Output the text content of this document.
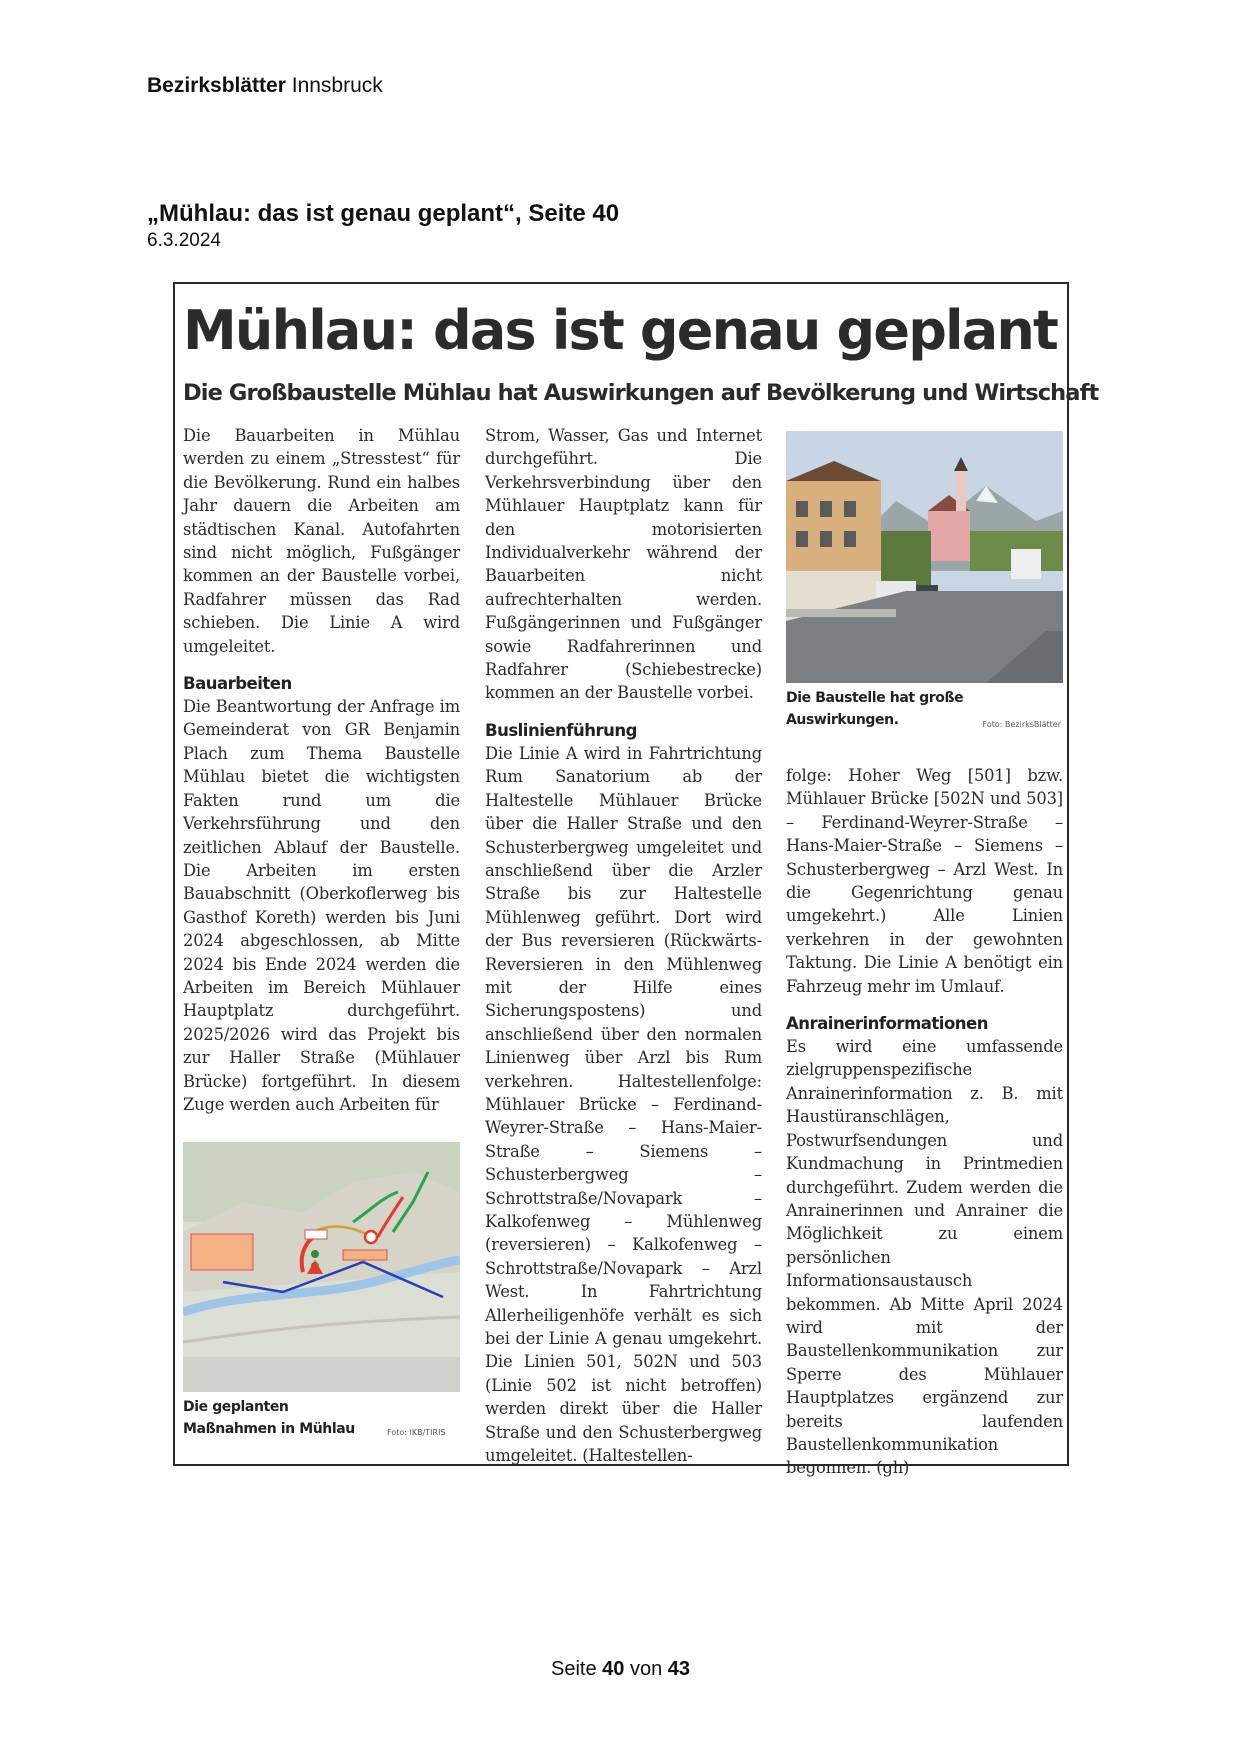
Bezirksblätter Innsbruck
„Mühlau: das ist genau geplant“, Seite 40
6.3.2024
Mühlau: das ist genau geplant
Die Großbaustelle Mühlau hat Auswirkungen auf Bevölkerung und Wirtschaft

Die Bauarbeiten in Mühlau werden zu einem „Stresstest“ für die Bevölkerung. Rund ein halbes Jahr dauern die Arbeiten am städtischen Kanal. Autofahrten sind nicht möglich, Fußgänger kommen an der Baustelle vorbei, Radfahrer müssen das Rad schieben. Die Linie A wird umgeleitet.

Bauarbeiten

Die Beantwortung der Anfrage im Gemeinderat von GR Benjamin Plach zum Thema Baustelle Mühlau bietet die wichtigsten Fakten rund um die Verkehrsführung und den zeitlichen Ablauf der Baustelle. Die Arbeiten im ersten Bauabschnitt (Oberkoflerweg bis Gasthof Koreth) werden bis Juni 2024 abgeschlossen, ab Mitte 2024 bis Ende 2024 werden die Arbeiten im Bereich Mühlauer Hauptplatz durchgeführt. 2025/2026 wird das Projekt bis zur Haller Straße (Mühlauer Brücke) fortgeführt. In diesem Zuge werden auch Arbeiten für

Strom, Wasser, Gas und Internet durchgeführt. Die Verkehrsverbindung über den Mühlauer Hauptplatz kann für den motorisierten Individualverkehr während der Bauarbeiten nicht aufrechterhalten werden. Fußgängerinnen und Fußgänger sowie Radfahrerinnen und Radfahrer (Schiebestrecke) kommen an der Baustelle vorbei.

Buslinienführung

Die Linie A wird in Fahrtrichtung Rum Sanatorium ab der Haltestelle Mühlauer Brücke über die Haller Straße und den Schusterbergweg umgeleitet und anschließend über die Arzler Straße bis zur Haltestelle Mühlenweg geführt. Dort wird der Bus reversieren (Rückwärts-Reversieren in den Mühlenweg mit der Hilfe eines Sicherungspostens) und anschließend über den normalen Linienweg über Arzl bis Rum verkehren. Haltestellenfolge: Mühlauer Brücke – Ferdinand-Weyrer-Straße – Hans-Maier-Straße – Siemens – Schusterbergweg – Schrottstraße/Novapark – Kalkofenweg – Mühlenweg (reversieren) – Kalkofenweg – Schrottstraße/Novapark – Arzl West. In Fahrtrichtung Allerheiligenhöfe verhält es sich bei der Linie A genau umgekehrt. Die Linien 501, 502N und 503 (Linie 502 ist nicht betroffen) werden direkt über die Haller Straße und den Schusterbergweg umgeleitet. (Haltestellen-

Die Baustelle hat große Auswirkungen.	Foto: BezirksBlätter

folge: Hoher Weg [501] bzw. Mühlauer Brücke [502N und 503] – Ferdinand-Weyrer-Straße – Hans-Maier-Straße – Siemens – Schusterbergweg – Arzl West. In die Gegenrichtung genau umgekehrt.) Alle Linien verkehren in der gewohnten Taktung. Die Linie A benötigt ein Fahrzeug mehr im Umlauf.

Anrainerinformationen

Es wird eine umfassende zielgruppenspezifische Anrainerinformation z. B. mit Haustüranschlägen, Postwurfsendungen und Kundmachung in Printmedien durchgeführt. Zudem werden die Anrainerinnen und Anrainer die Möglichkeit zu einem persönlichen Informationsaustausch bekommen. Ab Mitte April 2024 wird mit der Baustellenkommunikation zur Sperre des Mühlauer Hauptplatzes ergänzend zur bereits laufenden Baustellenkommunikation begonnen. (gh)

Die geplanten Maßnahmen in Mühlau	Foto: IKB/TIRIS
Seite 40 von 43
